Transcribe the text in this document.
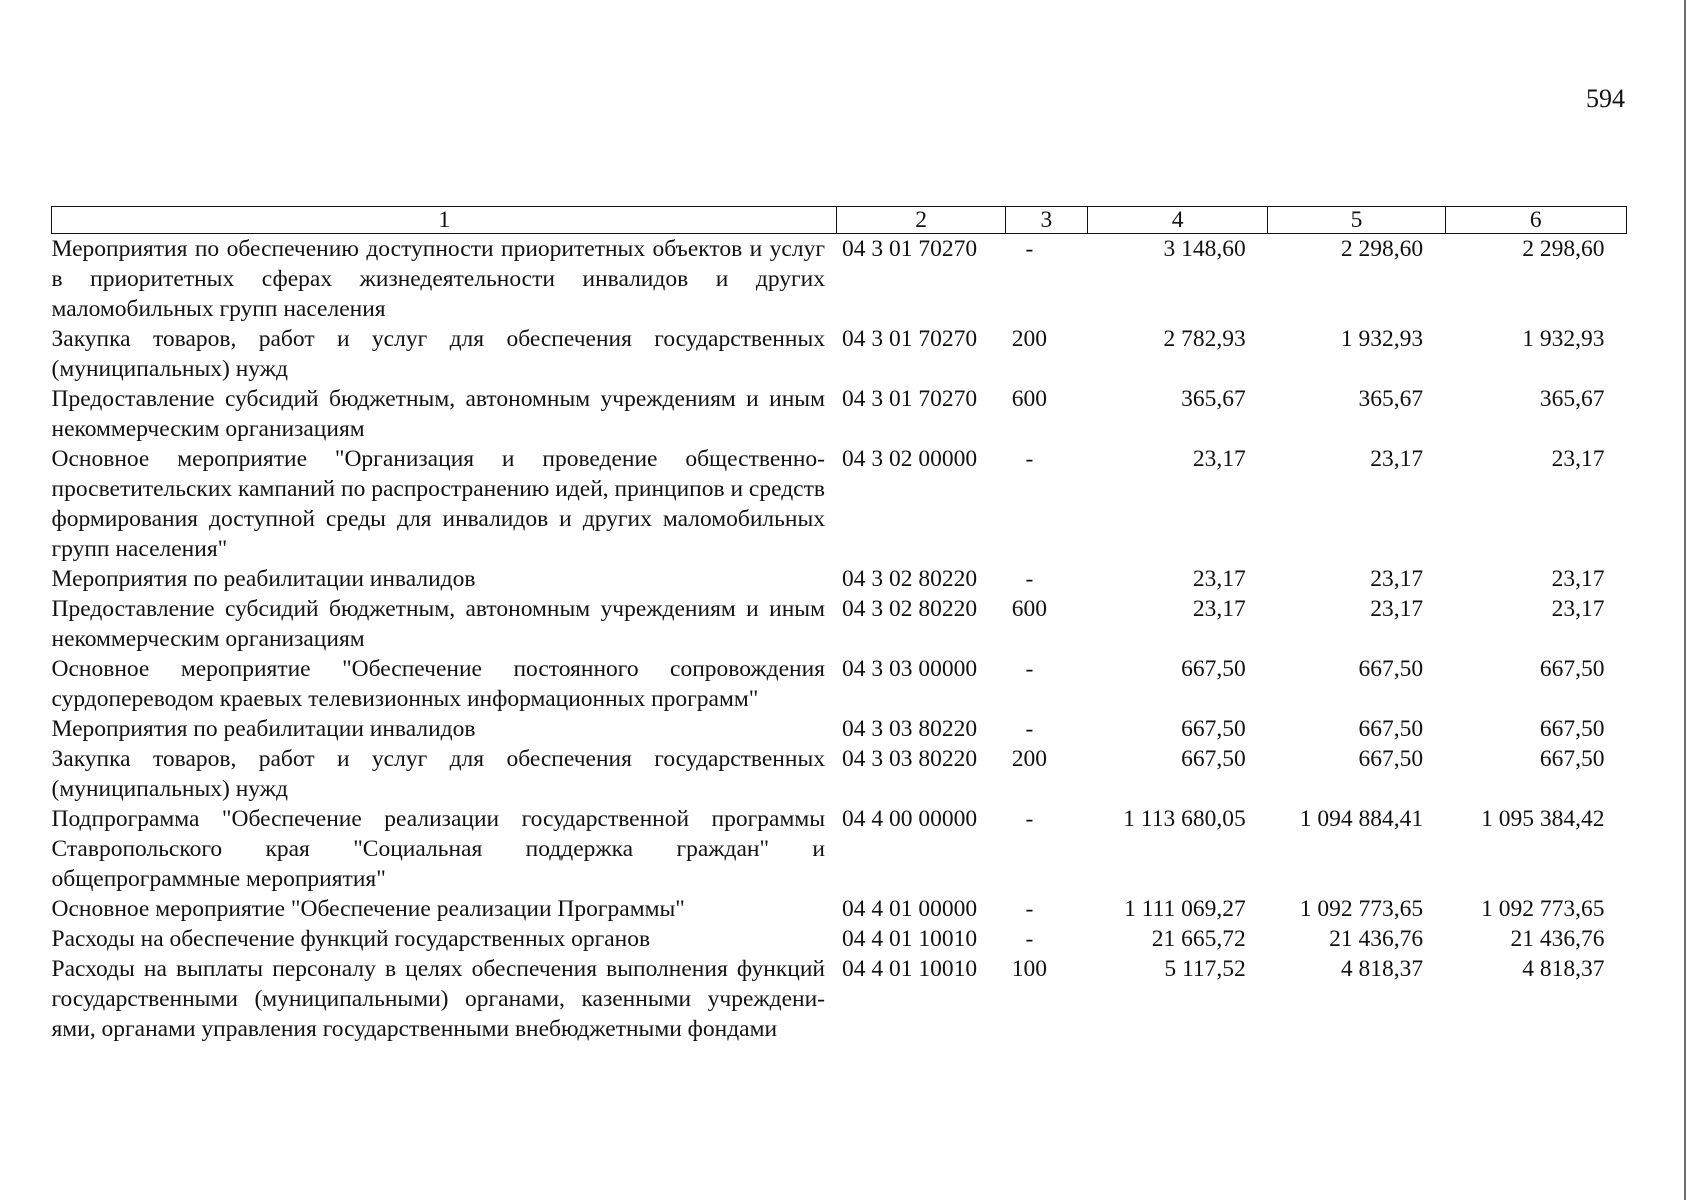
594
1	2	3	4	5	6
Мероприятия по обеспечению доступности приоритетных объектов и услуг в приоритетных сферах жизнедеятельности инвалидов и других маломобильных групп населения	04 3 01 70270	-	3 148,60	2 298,60	2 298,60
Закупка товаров, работ и услуг для обеспечения государственных (муниципальных) нужд	04 3 01 70270	200	2 782,93	1 932,93	1 932,93
Предоставление субсидий бюджетным, автономным учреждениям и иным некоммерческим организациям	04 3 01 70270	600	365,67	365,67	365,67
Основное мероприятие "Организация и проведение общественно-просветительских кампаний по распространению идей, принципов и средств формирования доступной среды для инвалидов и других маломобильных групп населения"	04 3 02 00000	-	23,17	23,17	23,17
Мероприятия по реабилитации инвалидов	04 3 02 80220	-	23,17	23,17	23,17
Предоставление субсидий бюджетным, автономным учреждениям и иным некоммерческим организациям	04 3 02 80220	600	23,17	23,17	23,17
Основное мероприятие "Обеспечение постоянного сопровождения сурдопереводом краевых телевизионных информационных программ"	04 3 03 00000	-	667,50	667,50	667,50
Мероприятия по реабилитации инвалидов	04 3 03 80220	-	667,50	667,50	667,50
Закупка товаров, работ и услуг для обеспечения государственных (муниципальных) нужд	04 3 03 80220	200	667,50	667,50	667,50
Подпрограмма "Обеспечение реализации государственной программы Ставропольского края "Социальная поддержка граждан" и общепрограммные мероприятия"	04 4 00 00000	-	1 113 680,05	1 094 884,41	1 095 384,42
Основное мероприятие "Обеспечение реализации Программы"	04 4 01 00000	-	1 111 069,27	1 092 773,65	1 092 773,65
Расходы на обеспечение функций государственных органов	04 4 01 10010	-	21 665,72	21 436,76	21 436,76
Расходы на выплаты персоналу в целях обеспечения выполнения функций государственными (муниципальными) органами, казенными учреждени-ями, органами управления государственными внебюджетными фондами	04 4 01 10010	100	5 117,52	4 818,37	4 818,37
